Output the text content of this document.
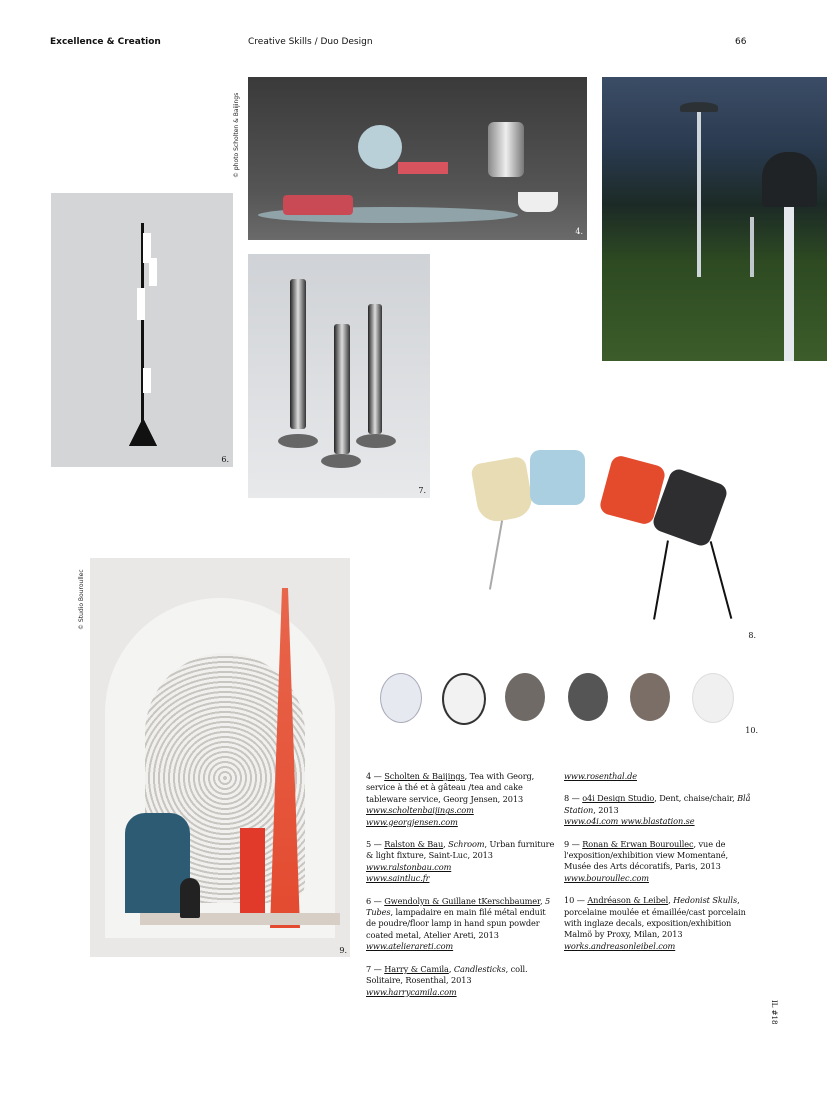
Excellence & Creation	Creative Skills / Duo Design	66
© photo Scholten & Baijings
4.
6.
7.
8.
10.
© Studio Bouroullec
9.

4 — Scholten & Baijings, Tea with Georg, service à thé et à gâteau /tea and cake tableware service, Georg Jensen, 2013
www.scholtenbaijings.com
www.georgjensen.com

5 — Ralston & Bau, Schroom, Urban furniture & light fixture, Saint-Luc, 2013
www.ralstonbau.com
www.saintluc.fr

6 — Gwendolyn & Guillane tKerschbaumer, 5 Tubes, lampadaire en main filé métal enduit de poudre/floor lamp in hand spun powder coated metal, Atelier Areti, 2013 www.atelierareti.com

7 — Harry & Camila, Candlesticks, coll. Solitaire, Rosenthal, 2013
www.harrycamila.com

www.rosenthal.de

8 — o4i Design Studio, Dent, chaise/chair, Blå Station, 2013
www.o4i.com www.blastation.se

9 — Ronan & Erwan Bouroullec, vue de l'exposition/exhibition view Momentané, Musée des Arts décoratifs, Paris, 2013 www.bouroullec.com

10 — Andréason & Leibel, Hedonist Skulls, porcelaine moulée et émaillée/cast porcelain with inglaze decals, exposition/exhibition Malmö by Proxy, Milan, 2013
works.andreasonleibel.com

IL #18
